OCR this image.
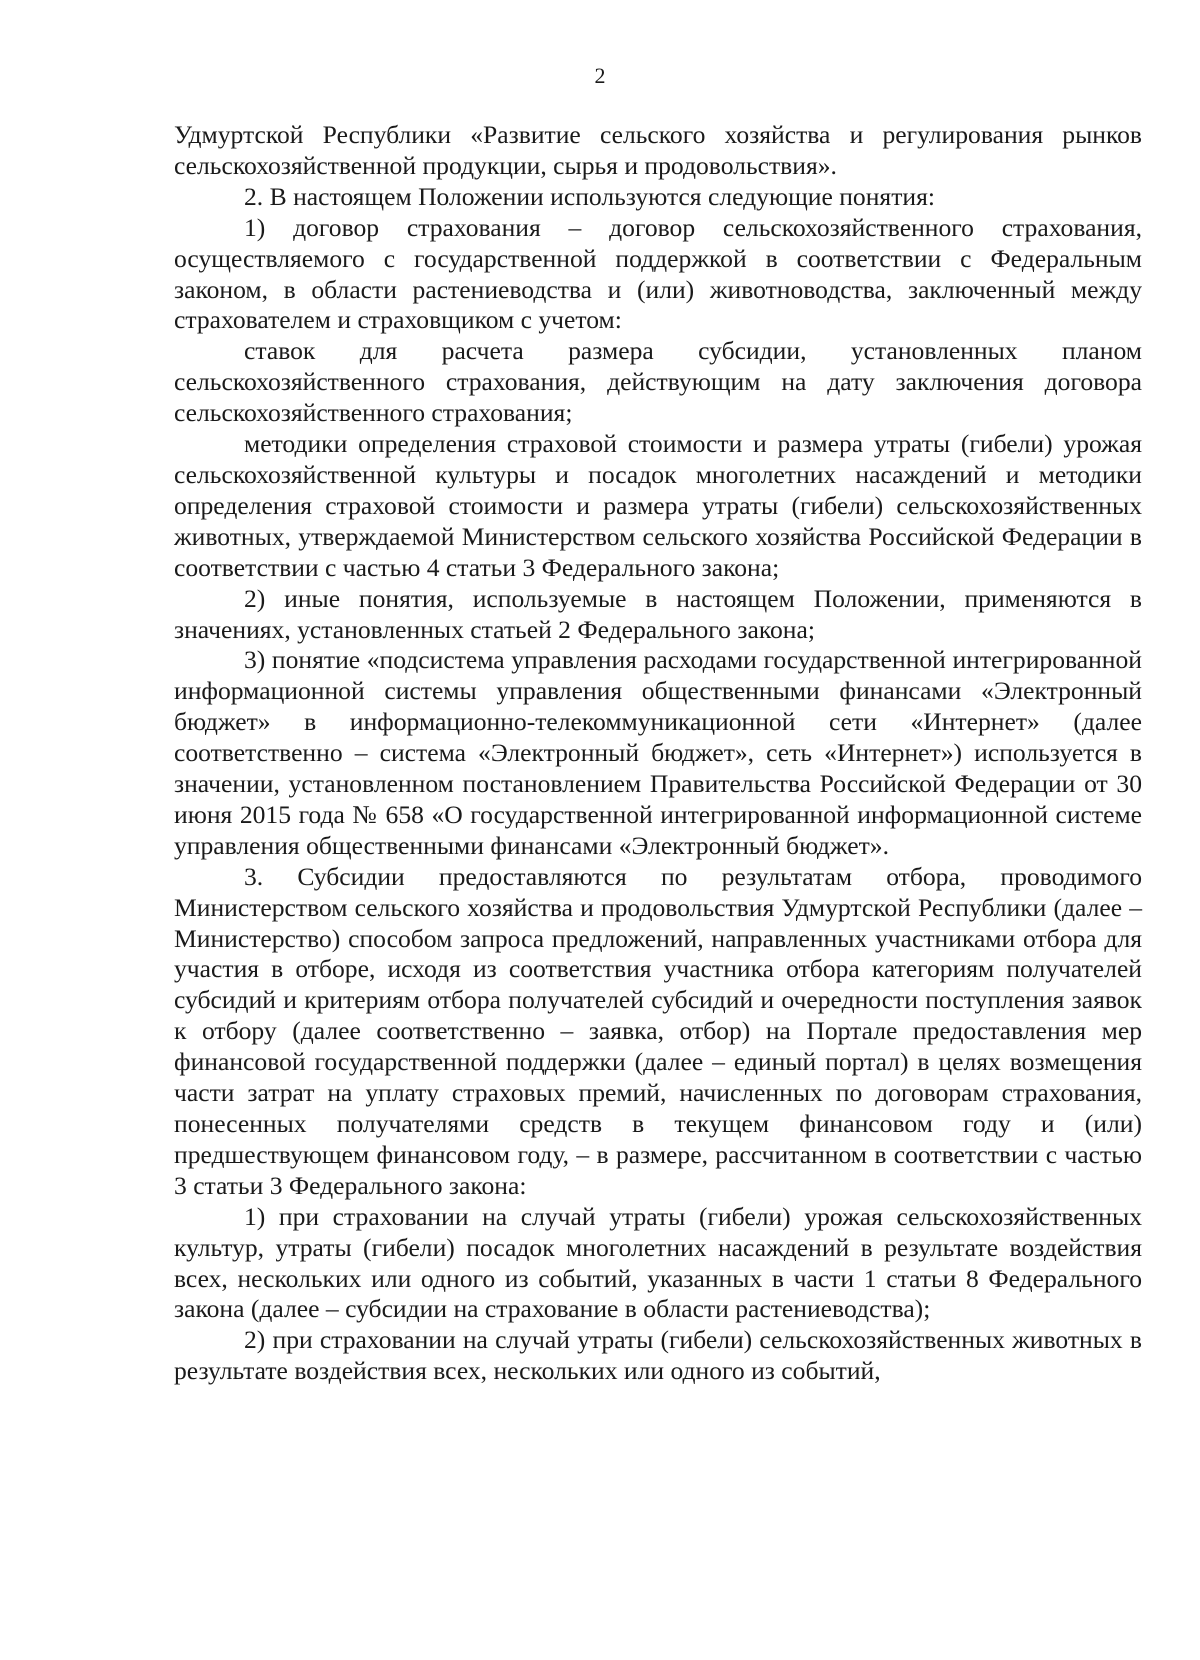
2

Удмуртской Республики «Развитие сельского хозяйства и регулирования рынков сельскохозяйственной продукции, сырья и продовольствия».

2. В настоящем Положении используются следующие понятия:

1) договор страхования – договор сельскохозяйственного страхования, осуществляемого с государственной поддержкой в соответствии с Федеральным законом, в области растениеводства и (или) животноводства, заключенный между страхователем и страховщиком с учетом:

ставок для расчета размера субсидии, установленных планом сельскохозяйственного страхования, действующим на дату заключения договора сельскохозяйственного страхования;

методики определения страховой стоимости и размера утраты (гибели) урожая сельскохозяйственной культуры и посадок многолетних насаждений и методики определения страховой стоимости и размера утраты (гибели) сельскохозяйственных животных, утверждаемой Министерством сельского хозяйства Российской Федерации в соответствии с частью 4 статьи 3 Федерального закона;

2) иные понятия, используемые в настоящем Положении, применяются в значениях, установленных статьей 2 Федерального закона;

3) понятие «подсистема управления расходами государственной интегрированной информационной системы управления общественными финансами «Электронный бюджет» в информационно-телекоммуникационной сети «Интернет» (далее соответственно – система «Электронный бюджет», сеть «Интернет») используется в значении, установленном постановлением Правительства Российской Федерации от 30 июня 2015 года № 658 «О государственной интегрированной информационной системе управления общественными финансами «Электронный бюджет».

3. Субсидии предоставляются по результатам отбора, проводимого Министерством сельского хозяйства и продовольствия Удмуртской Республики (далее – Министерство) способом запроса предложений, направленных участниками отбора для участия в отборе, исходя из соответствия участника отбора категориям получателей субсидий и критериям отбора получателей субсидий и очередности поступления заявок к отбору (далее соответственно – заявка, отбор) на Портале предоставления мер финансовой государственной поддержки (далее – единый портал) в целях возмещения части затрат на уплату страховых премий, начисленных по договорам страхования, понесенных получателями средств в текущем финансовом году и (или) предшествующем финансовом году, – в размере, рассчитанном в соответствии с частью 3 статьи 3 Федерального закона:

1) при страховании на случай утраты (гибели) урожая сельскохозяйственных культур, утраты (гибели) посадок многолетних насаждений в результате воздействия всех, нескольких или одного из событий, указанных в части 1 статьи 8 Федерального закона (далее – субсидии на страхование в области растениеводства);

2) при страховании на случай утраты (гибели) сельскохозяйственных животных в результате воздействия всех, нескольких или одного из событий,
